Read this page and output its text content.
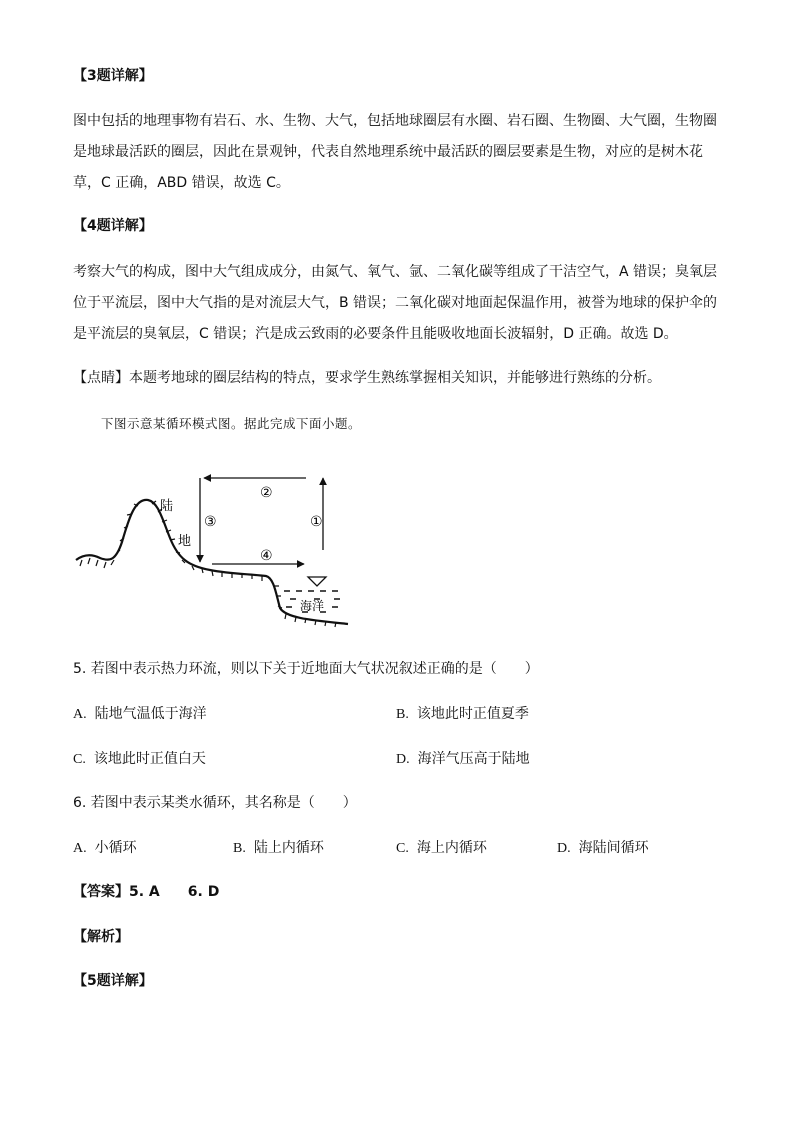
【3题详解】
图中包括的地理事物有岩石、水、生物、大气，包括地球圈层有水圈、岩石圈、生物圈、大气圈，生物圈
是地球最活跃的圈层，因此在景观钟，代表自然地理系统中最活跃的圈层要素是生物，对应的是树木花
草，C 正确，ABD 错误，故选 C。
【4题详解】
考察大气的构成，图中大气组成成分，由氮气、氧气、氩、二氧化碳等组成了干洁空气，A 错误；臭氧层
位于平流层，图中大气指的是对流层大气，B 错误；二氧化碳对地面起保温作用，被誉为地球的保护伞的
是平流层的臭氧层，C 错误；汽是成云致雨的必要条件且能吸收地面长波辐射，D 正确。故选 D。
【点睛】本题考地球的圈层结构的特点，要求学生熟练掌握相关知识，并能够进行熟练的分析。
下图示意某循环模式图。据此完成下面小题。
①
②
③
④
陆
地
海洋
5. 若图中表示热力环流，则以下关于近地面大气状况叙述正确的是（　　）
A. 陆地气温低于海洋	B. 该地此时正值夏季
C. 该地此时正值白天	D. 海洋气压高于陆地
6. 若图中表示某类水循环，其名称是（　　）
A. 小循环	B. 陆上内循环	C. 海上内循环	D. 海陆间循环
【答案】5. A　　6. D
【解析】
【5题详解】
